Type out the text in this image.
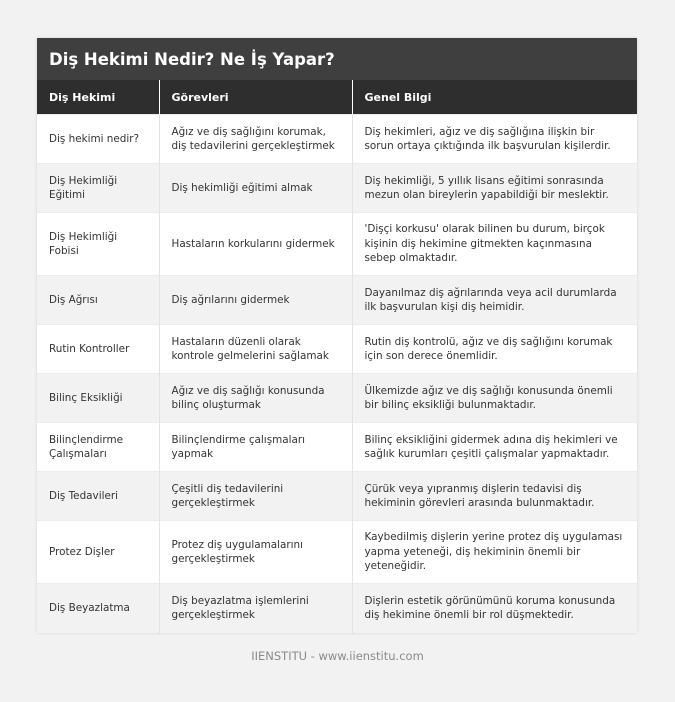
Diş Hekimi Nedir? Ne İş Yapar?
Diş Hekimi	Görevleri	Genel Bilgi
Diş hekimi nedir?	Ağız ve diş sağlığını korumak, diş tedavilerini gerçekleştirmek	Diş hekimleri, ağız ve diş sağlığına ilişkin bir sorun ortaya çıktığında ilk başvurulan kişilerdir.
Diş Hekimliği Eğitimi	Diş hekimliği eğitimi almak	Diş hekimliği, 5 yıllık lisans eğitimi sonrasında mezun olan bireylerin yapabildiği bir meslektir.
Diş Hekimliği Fobisi	Hastaların korkularını gidermek	'Dişçi korkusu' olarak bilinen bu durum, birçok kişinin diş hekimine gitmekten kaçınmasına sebep olmaktadır.
Diş Ağrısı	Diş ağrılarını gidermek	Dayanılmaz diş ağrılarında veya acil durumlarda ilk başvurulan kişi diş heimidir.
Rutin Kontroller	Hastaların düzenli olarak kontrole gelmelerini sağlamak	Rutin diş kontrolü, ağız ve diş sağlığını korumak için son derece önemlidir.
Bilinç Eksikliği	Ağız ve diş sağlığı konusunda bilinç oluşturmak	Ülkemizde ağız ve diş sağlığı konusunda önemli bir bilinç eksikliği bulunmaktadır.
Bilinçlendirme Çalışmaları	Bilinçlendirme çalışmaları yapmak	Bilinç eksikliğini gidermek adına diş hekimleri ve sağlık kurumları çeşitli çalışmalar yapmaktadır.
Diş Tedavileri	Çeşitli diş tedavilerini gerçekleştirmek	Çürük veya yıpranmış dişlerin tedavisi diş hekiminin görevleri arasında bulunmaktadır.
Protez Dişler	Protez diş uygulamalarını gerçekleştirmek	Kaybedilmiş dişlerin yerine protez diş uygulaması yapma yeteneği, diş hekiminin önemli bir yeteneğidir.
Diş Beyazlatma	Diş beyazlatma işlemlerini gerçekleştirmek	Dişlerin estetik görünümünü koruma konusunda diş hekimine önemli bir rol düşmektedir.
IIENSTITU - www.iienstitu.com
